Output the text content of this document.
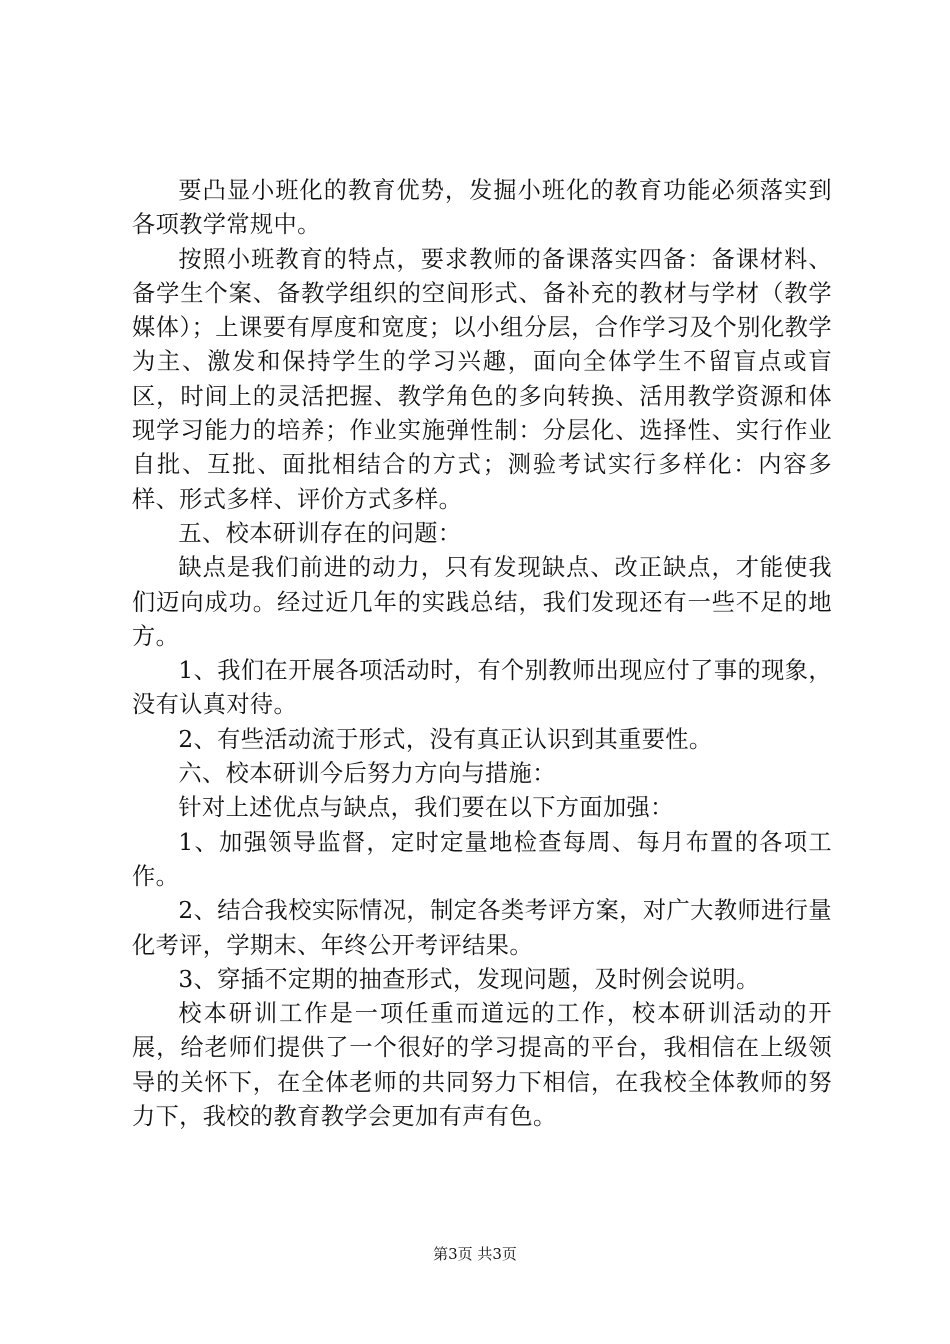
要凸显小班化的教育优势，发掘小班化的教育功能必须落实到各项教学常规中。

按照小班教育的特点，要求教师的备课落实四备：备课材料、备学生个案、备教学组织的空间形式、备补充的教材与学材（教学媒体）；上课要有厚度和宽度；以小组分层，合作学习及个别化教学为主、激发和保持学生的学习兴趣，面向全体学生不留盲点或盲区，时间上的灵活把握、教学角色的多向转换、活用教学资源和体现学习能力的培养；作业实施弹性制：分层化、选择性、实行作业自批、互批、面批相结合的方式；测验考试实行多样化：内容多样、形式多样、评价方式多样。

五、校本研训存在的问题：

缺点是我们前进的动力，只有发现缺点、改正缺点，才能使我们迈向成功。经过近几年的实践总结，我们发现还有一些不足的地方。

1、我们在开展各项活动时，有个别教师出现应付了事的现象，没有认真对待。

2、有些活动流于形式，没有真正认识到其重要性。

六、校本研训今后努力方向与措施：

针对上述优点与缺点，我们要在以下方面加强：

1、加强领导监督，定时定量地检查每周、每月布置的各项工作。

2、结合我校实际情况，制定各类考评方案，对广大教师进行量化考评，学期末、年终公开考评结果。

3、穿插不定期的抽查形式，发现问题，及时例会说明。

校本研训工作是一项任重而道远的工作，校本研训活动的开展，给老师们提供了一个很好的学习提高的平台，我相信在上级领导的关怀下，在全体老师的共同努力下相信，在我校全体教师的努力下，我校的教育教学会更加有声有色。

第3页 共3页
